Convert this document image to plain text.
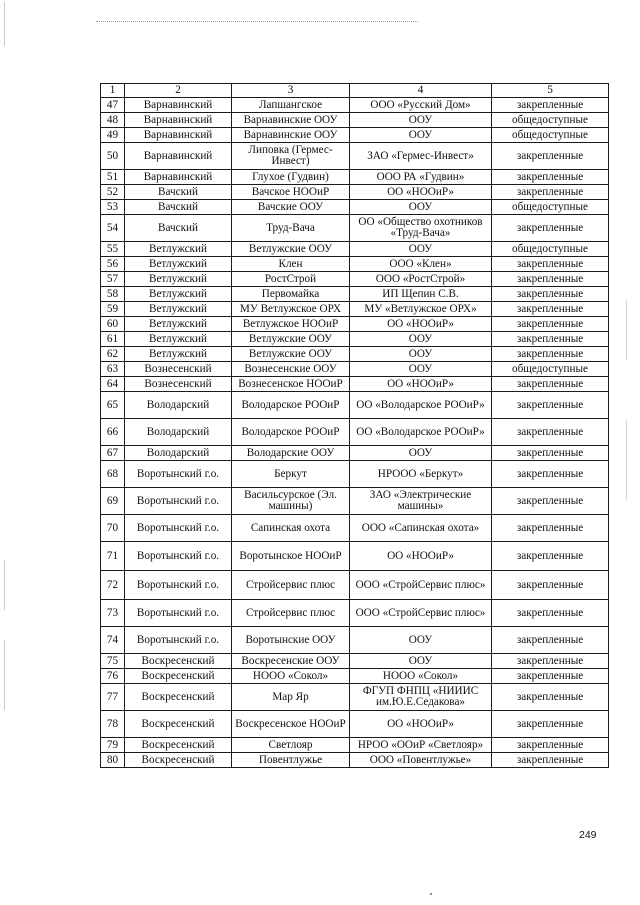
1	2	3	4	5
47	Варнавинский	Лапшангское	ООО «Русский Дом»	закрепленные
48	Варнавинский	Варнавинские ООУ	ООУ	общедоступные
49	Варнавинский	Варнавинские ООУ	ООУ	общедоступные
50	Варнавинский	Липовка (Гермес-Инвест)	ЗАО «Гермес-Инвест»	закрепленные
51	Варнавинский	Глухое (Гудвин)	ООО РА «Гудвин»	закрепленные
52	Вачский	Вачское НООиР	ОО «НООиР»	закрепленные
53	Вачский	Вачские ООУ	ООУ	общедоступные
54	Вачский	Труд-Вача	ОО «Общество охотников «Труд-Вача»	закрепленные
55	Ветлужский	Ветлужские ООУ	ООУ	общедоступные
56	Ветлужский	Клен	ООО «Клен»	закрепленные
57	Ветлужский	РостСтрой	ООО «РостСтрой»	закрепленные
58	Ветлужский	Первомайка	ИП Щепин С.В.	закрепленные
59	Ветлужский	МУ Ветлужское ОРХ	МУ «Ветлужское ОРХ»	закрепленные
60	Ветлужский	Ветлужское НООиР	ОО «НООиР»	закрепленные
61	Ветлужский	Ветлужские ООУ	ООУ	закрепленные
62	Ветлужский	Ветлужские ООУ	ООУ	закрепленные
63	Вознесенский	Вознесенские ООУ	ООУ	общедоступные
64	Вознесенский	Вознесенское НООиР	ОО «НООиР»	закрепленные
65	Володарский	Володарское РООиР	ОО «Володарское РООиР»	закрепленные
66	Володарский	Володарское РООиР	ОО «Володарское РООиР»	закрепленные
67	Володарский	Володарские ООУ	ООУ	закрепленные
68	Воротынский г.о.	Беркут	НРООО «Беркут»	закрепленные
69	Воротынский г.о.	Васильсурское (Эл. машины)	ЗАО «Электрические машины»	закрепленные
70	Воротынский г.о.	Сапинская охота	ООО «Сапинская охота»	закрепленные
71	Воротынский г.о.	Воротынское НООиР	ОО «НООиР»	закрепленные
72	Воротынский г.о.	Стройсервис плюс	ООО «СтройСервис плюс»	закрепленные
73	Воротынский г.о.	Стройсервис плюс	ООО «СтройСервис плюс»	закрепленные
74	Воротынский г.о.	Воротынские ООУ	ООУ	закрепленные
75	Воскресенский	Воскресенские ООУ	ООУ	закрепленные
76	Воскресенский	НООО «Сокол»	НООО «Сокол»	закрепленные
77	Воскресенский	Мар Яр	ФГУП ФНПЦ «НИИИС им.Ю.Е.Седакова»	закрепленные
78	Воскресенский	Воскресенское НООиР	ОО «НООиР»	закрепленные
79	Воскресенский	Светлояр	НРОО «ООиР «Светлояр»	закрепленные
80	Воскресенский	Повентлужье	ООО «Повентлужье»	закрепленные
249
